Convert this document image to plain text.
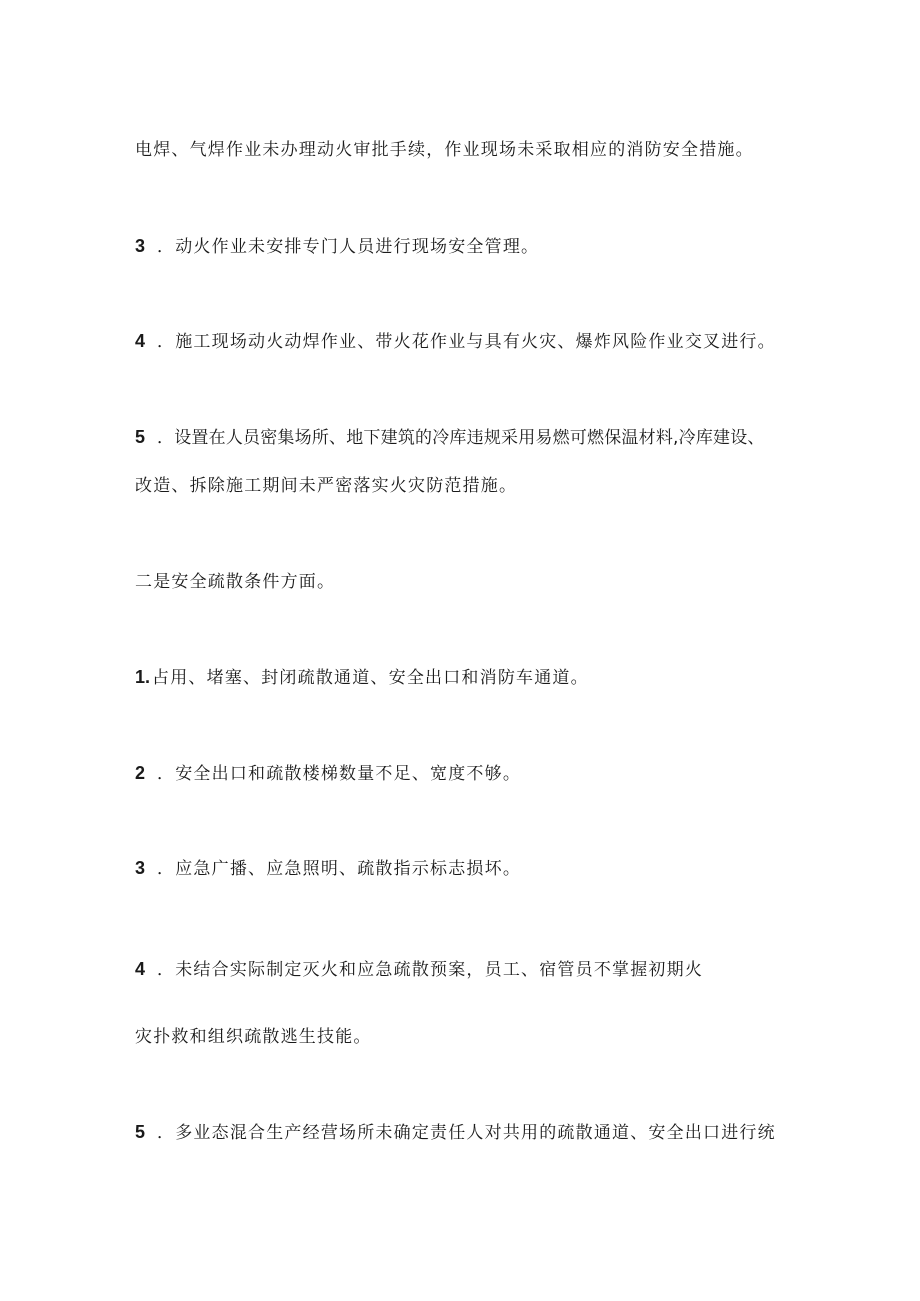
电焊、气焊作业未办理动火审批手续，作业现场未采取相应的消防安全措施。
3 ．动火作业未安排专门人员进行现场安全管理。
4 ．施工现场动火动焊作业、带火花作业与具有火灾、爆炸风险作业交叉进行。
5 ．设置在人员密集场所、地下建筑的冷库违规采用易燃可燃保温材料,冷库建设、
改造、拆除施工期间未严密落实火灾防范措施。
二是安全疏散条件方面。
1. 占用、堵塞、封闭疏散通道、安全出口和消防车通道。
2 ．安全出口和疏散楼梯数量不足、宽度不够。
3 ．应急广播、应急照明、疏散指示标志损坏。
4 ．未结合实际制定灭火和应急疏散预案，员工、宿管员不掌握初期火
灾扑救和组织疏散逃生技能。
5 ．多业态混合生产经营场所未确定责任人对共用的疏散通道、安全出口进行统
